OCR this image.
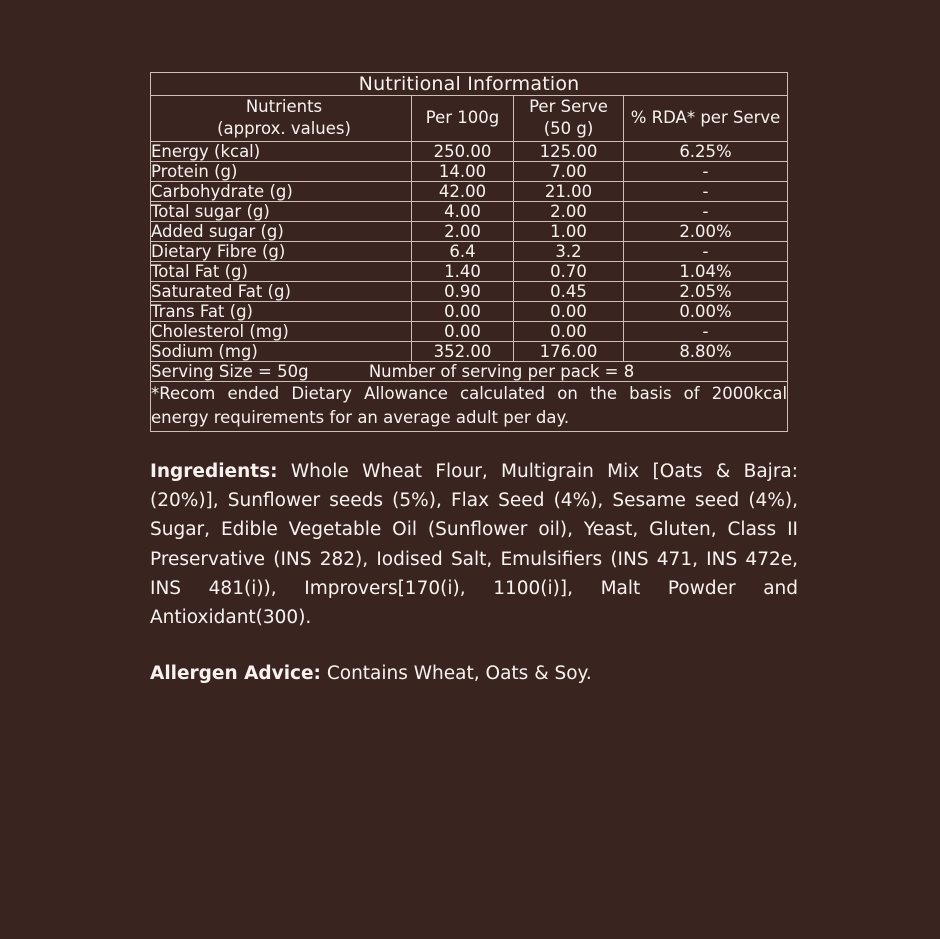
Nutritional Information			

Nutrients
(approx. values)
	Per 100g	
Per Serve
(50 g)
	% RDA* per Serve
Energy (kcal)	250.00	125.00	6.25%
Protein (g)	14.00	7.00	-
Carbohydrate (g)	42.00	21.00	-
Total sugar (g)	4.00	2.00	-
Added sugar (g)	2.00	1.00	2.00%
Dietary Fibre (g)	6.4	3.2	-
Total Fat (g)	1.40	0.70	1.04%
Saturated Fat (g)	0.90	0.45	2.05%
Trans Fat (g)	0.00	0.00	0.00%
Cholesterol (mg)	0.00	0.00	-
Sodium (mg)	352.00	176.00	8.80%
Serving Size = 50g Number of serving per pack = 8			
*Recom ended Dietary Allowance calculated on the basis of 2000kcal energy requirements for an average adult per day.			

Ingredients: Whole Wheat Flour, Multigrain Mix [Oats & Bajra: (20%)], Sunflower seeds (5%), Flax Seed (4%), Sesame seed (4%), Sugar, Edible Vegetable Oil (Sunflower oil), Yeast, Gluten, Class II Preservative (INS 282), Iodised Salt, Emulsifiers (INS 471, INS 472e, INS 481(i)), Improvers[170(i), 1100(i)], Malt Powder and Antioxidant(300).

Allergen Advice: Contains Wheat, Oats & Soy.
